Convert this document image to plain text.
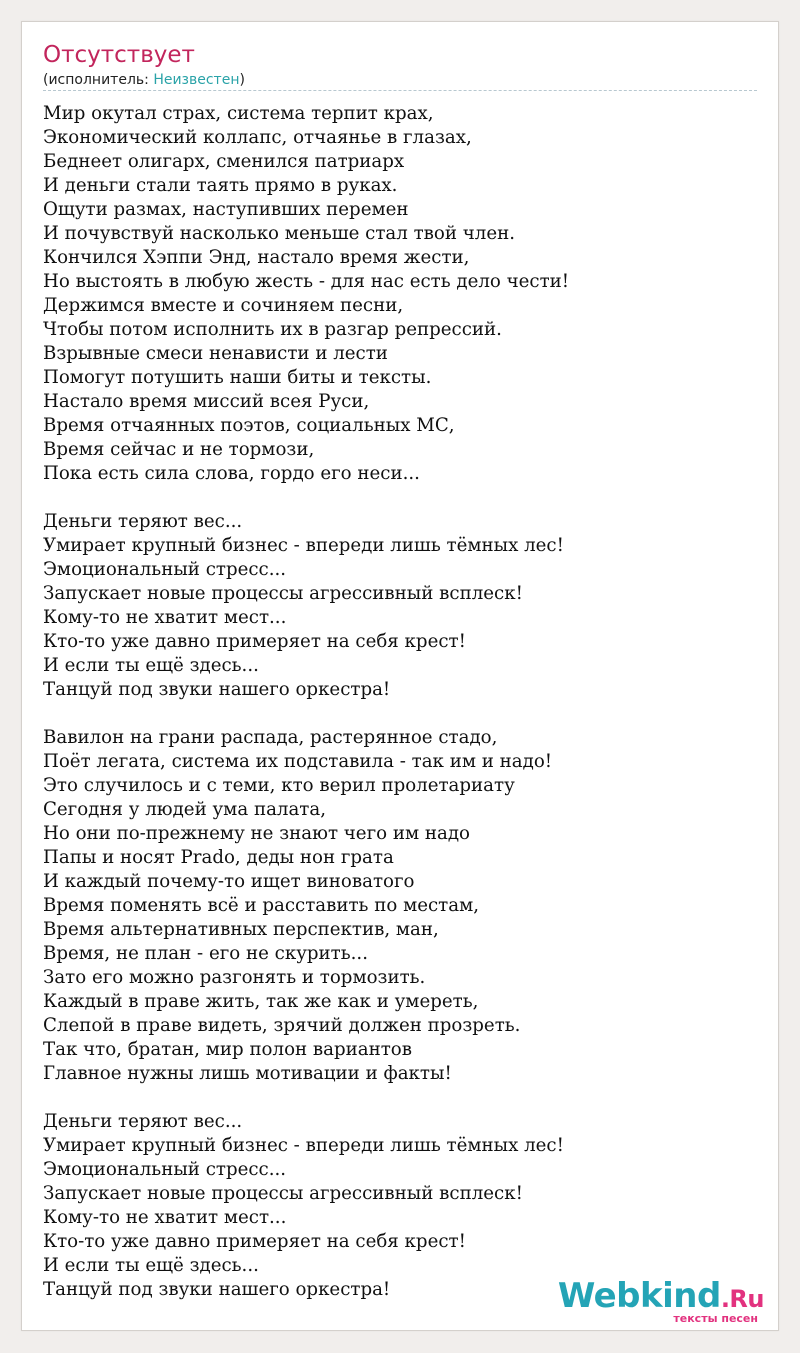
Отсутствует
(исполнитель: Неизвестен)
Мир окутал страх, система терпит крах,
Экономический коллапс, отчаянье в глазах,
Беднеет олигарх, сменился патриарх
И деньги стали таять прямо в руках.
Ощути размах, наступивших перемен
И почувствуй насколько меньше стал твой член.
Кончился Хэппи Энд, настало время жести,
Но выстоять в любую жесть - для нас есть дело чести!
Держимся вместе и сочиняем песни,
Чтобы потом исполнить их в разгар репрессий.
Взрывные смеси ненависти и лести
Помогут потушить наши биты и тексты.
Настало время миссий всея Руси,
Время отчаянных поэтов, социальных МС,
Время сейчас и не тормози,
Пока есть сила слова, гордо его неси...
Деньги теряют вес...
Умирает крупный бизнес - впереди лишь тёмных лес!
Эмоциональный стресс...
Запускает новые процессы агрессивный всплеск!
Кому-то не хватит мест...
Кто-то уже давно примеряет на себя крест!
И если ты ещё здесь...
Танцуй под звуки нашего оркестра!
Вавилон на грани распада, растерянное стадо,
Поёт легата, система их подставила - так им и надо!
Это случилось и с теми, кто верил пролетариату
Сегодня у людей ума палата,
Но они по-прежнему не знают чего им надо
Папы и носят Prado, деды нон грата
И каждый почему-то ищет виноватого
Время поменять всё и расставить по местам,
Время альтернативных перспектив, ман,
Время, не план - его не скурить...
Зато его можно разгонять и тормозить.
Каждый в праве жить, так же как и умереть,
Слепой в праве видеть, зрячий должен прозреть.
Так что, братан, мир полон вариантов
Главное нужны лишь мотивации и факты!
Деньги теряют вес...
Умирает крупный бизнес - впереди лишь тёмных лес!
Эмоциональный стресс...
Запускает новые процессы агрессивный всплеск!
Кому-то не хватит мест...
Кто-то уже давно примеряет на себя крест!
И если ты ещё здесь...
Танцуй под звуки нашего оркестра!	Webkind.Ru
тексты песен
